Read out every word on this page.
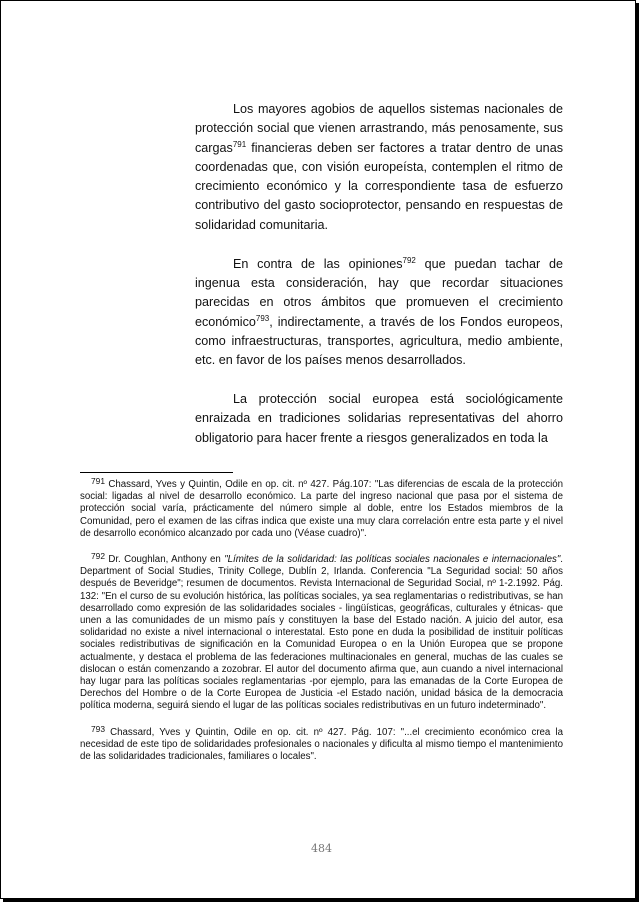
Los mayores agobios de aquellos sistemas nacionales de protección social que vienen arrastrando, más penosamente, sus cargas$^{791}$ financieras deben ser factores a tratar dentro de unas coordenadas que, con visión europeísta, contemplen el ritmo de crecimiento económico y la correspondiente tasa de esfuerzo contributivo del gasto socioprotector, pensando en respuestas de solidaridad comunitaria.

En contra de las opiniones$^{792}$ que puedan tachar de ingenua esta consideración, hay que recordar situaciones parecidas en otros ámbitos que promueven el crecimiento económico$^{793}$, indirectamente, a través de los Fondos europeos, como infraestructuras, transportes, agricultura, medio ambiente, etc. en favor de los países menos desarrollados.

La protección social europea está sociológicamente enraizada en tradiciones solidarias representativas del ahorro obligatorio para hacer frente a riesgos generalizados en toda la

$^{791}$ Chassard, Yves y Quintin, Odile en op. cit. nº 427. Pág.107: "Las diferencias de escala de la protección social: ligadas al nivel de desarrollo económico. La parte del ingreso nacional que pasa por el sistema de protección social varía, prácticamente del número simple al doble, entre los Estados miembros de la Comunidad, pero el examen de las cifras indica que existe una muy clara correlación entre esta parte y el nivel de desarrollo económico alcanzado por cada uno (Véase cuadro)".

$^{792}$ Dr. Coughlan, Anthony en "Límites de la solidaridad: las políticas sociales nacionales e internacionales". Department of Social Studies, Trinity College, Dublín 2, Irlanda. Conferencia "La Seguridad social: 50 años después de Beveridge"; resumen de documentos. Revista Internacional de Seguridad Social, nº 1-2.1992. Pág. 132: "En el curso de su evolución histórica, las políticas sociales, ya sea reglamentarias o redistributivas, se han desarrollado como expresión de las solidaridades sociales - lingüísticas, geográficas, culturales y étnicas- que unen a las comunidades de un mismo país y constituyen la base del Estado nación. A juicio del autor, esa solidaridad no existe a nivel internacional o interestatal. Esto pone en duda la posibilidad de instituir políticas sociales redistributivas de significación en la Comunidad Europea o en la Unión Europea que se propone actualmente, y destaca el problema de las federaciones multinacionales en general, muchas de las cuales se dislocan o están comenzando a zozobrar. El autor del documento afirma que, aun cuando a nivel internacional hay lugar para las políticas sociales reglamentarias -por ejemplo, para las emanadas de la Corte Europea de Derechos del Hombre o de la Corte Europea de Justicia -el Estado nación, unidad básica de la democracia política moderna, seguirá siendo el lugar de las políticas sociales redistributivas en un futuro indeterminado".

$^{793}$ Chassard, Yves y Quintin, Odile en op. cit. nº 427. Pág. 107: "...el crecimiento económico crea la necesidad de este tipo de solidaridades profesionales o nacionales y dificulta al mismo tiempo el mantenimiento de las solidaridades tradicionales, familiares o locales".

484
